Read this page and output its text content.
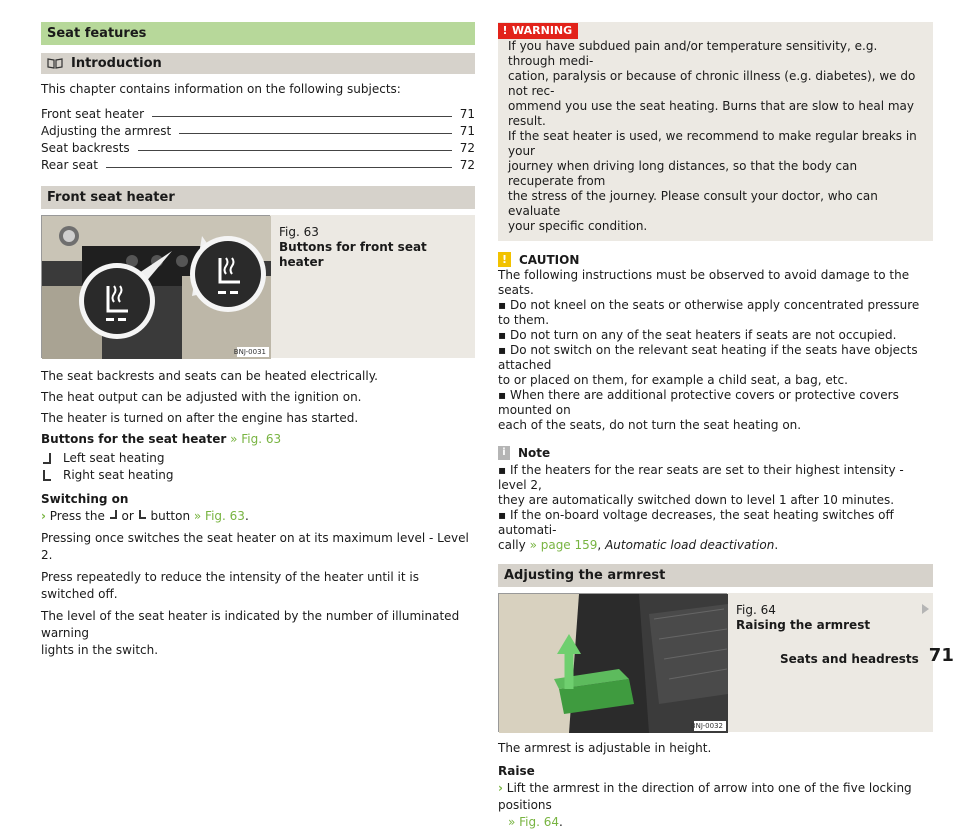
Seat features
Introduction
This chapter contains information on the following subjects:
Front seat heater	71
Adjusting the armrest	71
Seat backrests	72
Rear seat	72
Front seat heater
BNJ-0031
Fig. 63
Buttons for front seat heater
The seat backrests and seats can be heated electrically.
The heat output can be adjusted with the ignition on.
The heater is turned on after the engine has started.
Buttons for the seat heater » Fig. 63
Left seat heating
Right seat heating
Switching on
› Press the or button » Fig. 63.
Pressing once switches the seat heater on at its maximum level - Level 2.
Press repeatedly to reduce the intensity of the heater until it is switched off.
The level of the seat heater is indicated by the number of illuminated warning
lights in the switch.
! WARNING
If you have subdued pain and/or temperature sensitivity, e.g. through medi-
cation, paralysis or because of chronic illness (e.g. diabetes), we do not rec-
ommend you use the seat heating. Burns that are slow to heal may result.
If the seat heater is used, we recommend to make regular breaks in your
journey when driving long distances, so that the body can recuperate from
the stress of the journey. Please consult your doctor, who can evaluate
your specific condition.
! CAUTION
The following instructions must be observed to avoid damage to the seats.
▪ Do not kneel on the seats or otherwise apply concentrated pressure to them.
▪ Do not turn on any of the seat heaters if seats are not occupied.
▪ Do not switch on the relevant seat heating if the seats have objects attached
to or placed on them, for example a child seat, a bag, etc.
▪ When there are additional protective covers or protective covers mounted on
each of the seats, do not turn the seat heating on.
i	Note
▪ If the heaters for the rear seats are set to their highest intensity - level 2,
they are automatically switched down to level 1 after 10 minutes.
▪ If the on-board voltage decreases, the seat heating switches off automati-
cally » page 159, Automatic load deactivation.
Adjusting the armrest
BNJ-0032
Fig. 64
Raising the armrest
The armrest is adjustable in height.
Raise
› Lift the armrest in the direction of arrow into one of the five locking positions
» Fig. 64.
Seats and headrests 71
